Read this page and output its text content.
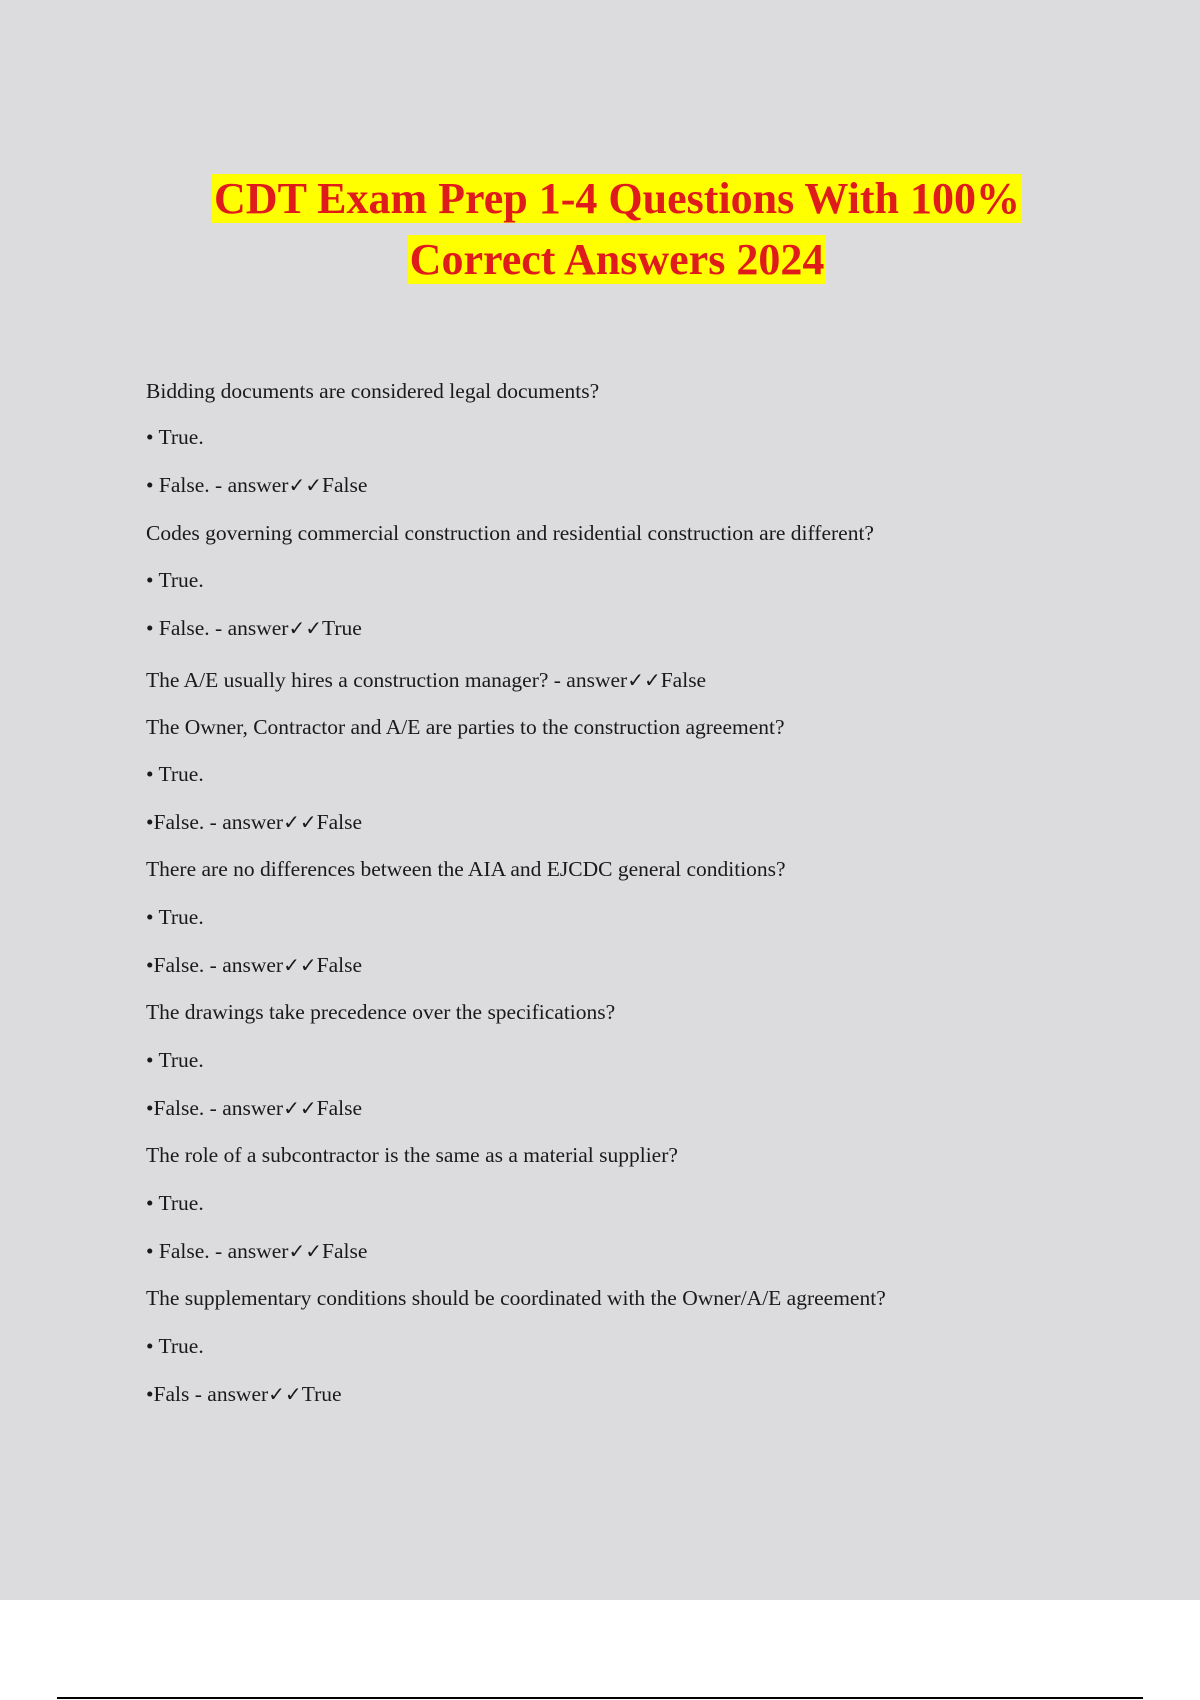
CDT Exam Prep 1-4 Questions With 100%
Correct Answers 2024
Bidding documents are considered legal documents?
• True.
• False. - answer✓✓False
Codes governing commercial construction and residential construction are different?
• True.
• False. - answer✓✓True
The A/E usually hires a construction manager? - answer✓✓False
The Owner, Contractor and A/E are parties to the construction agreement?
• True.
•False. - answer✓✓False
There are no differences between the AIA and EJCDC general conditions?
• True.
•False. - answer✓✓False
The drawings take precedence over the specifications?
• True.
•False. - answer✓✓False
The role of a subcontractor is the same as a material supplier?
• True.
• False. - answer✓✓False
The supplementary conditions should be coordinated with the Owner/A/E agreement?
• True.
•Fals - answer✓✓True
